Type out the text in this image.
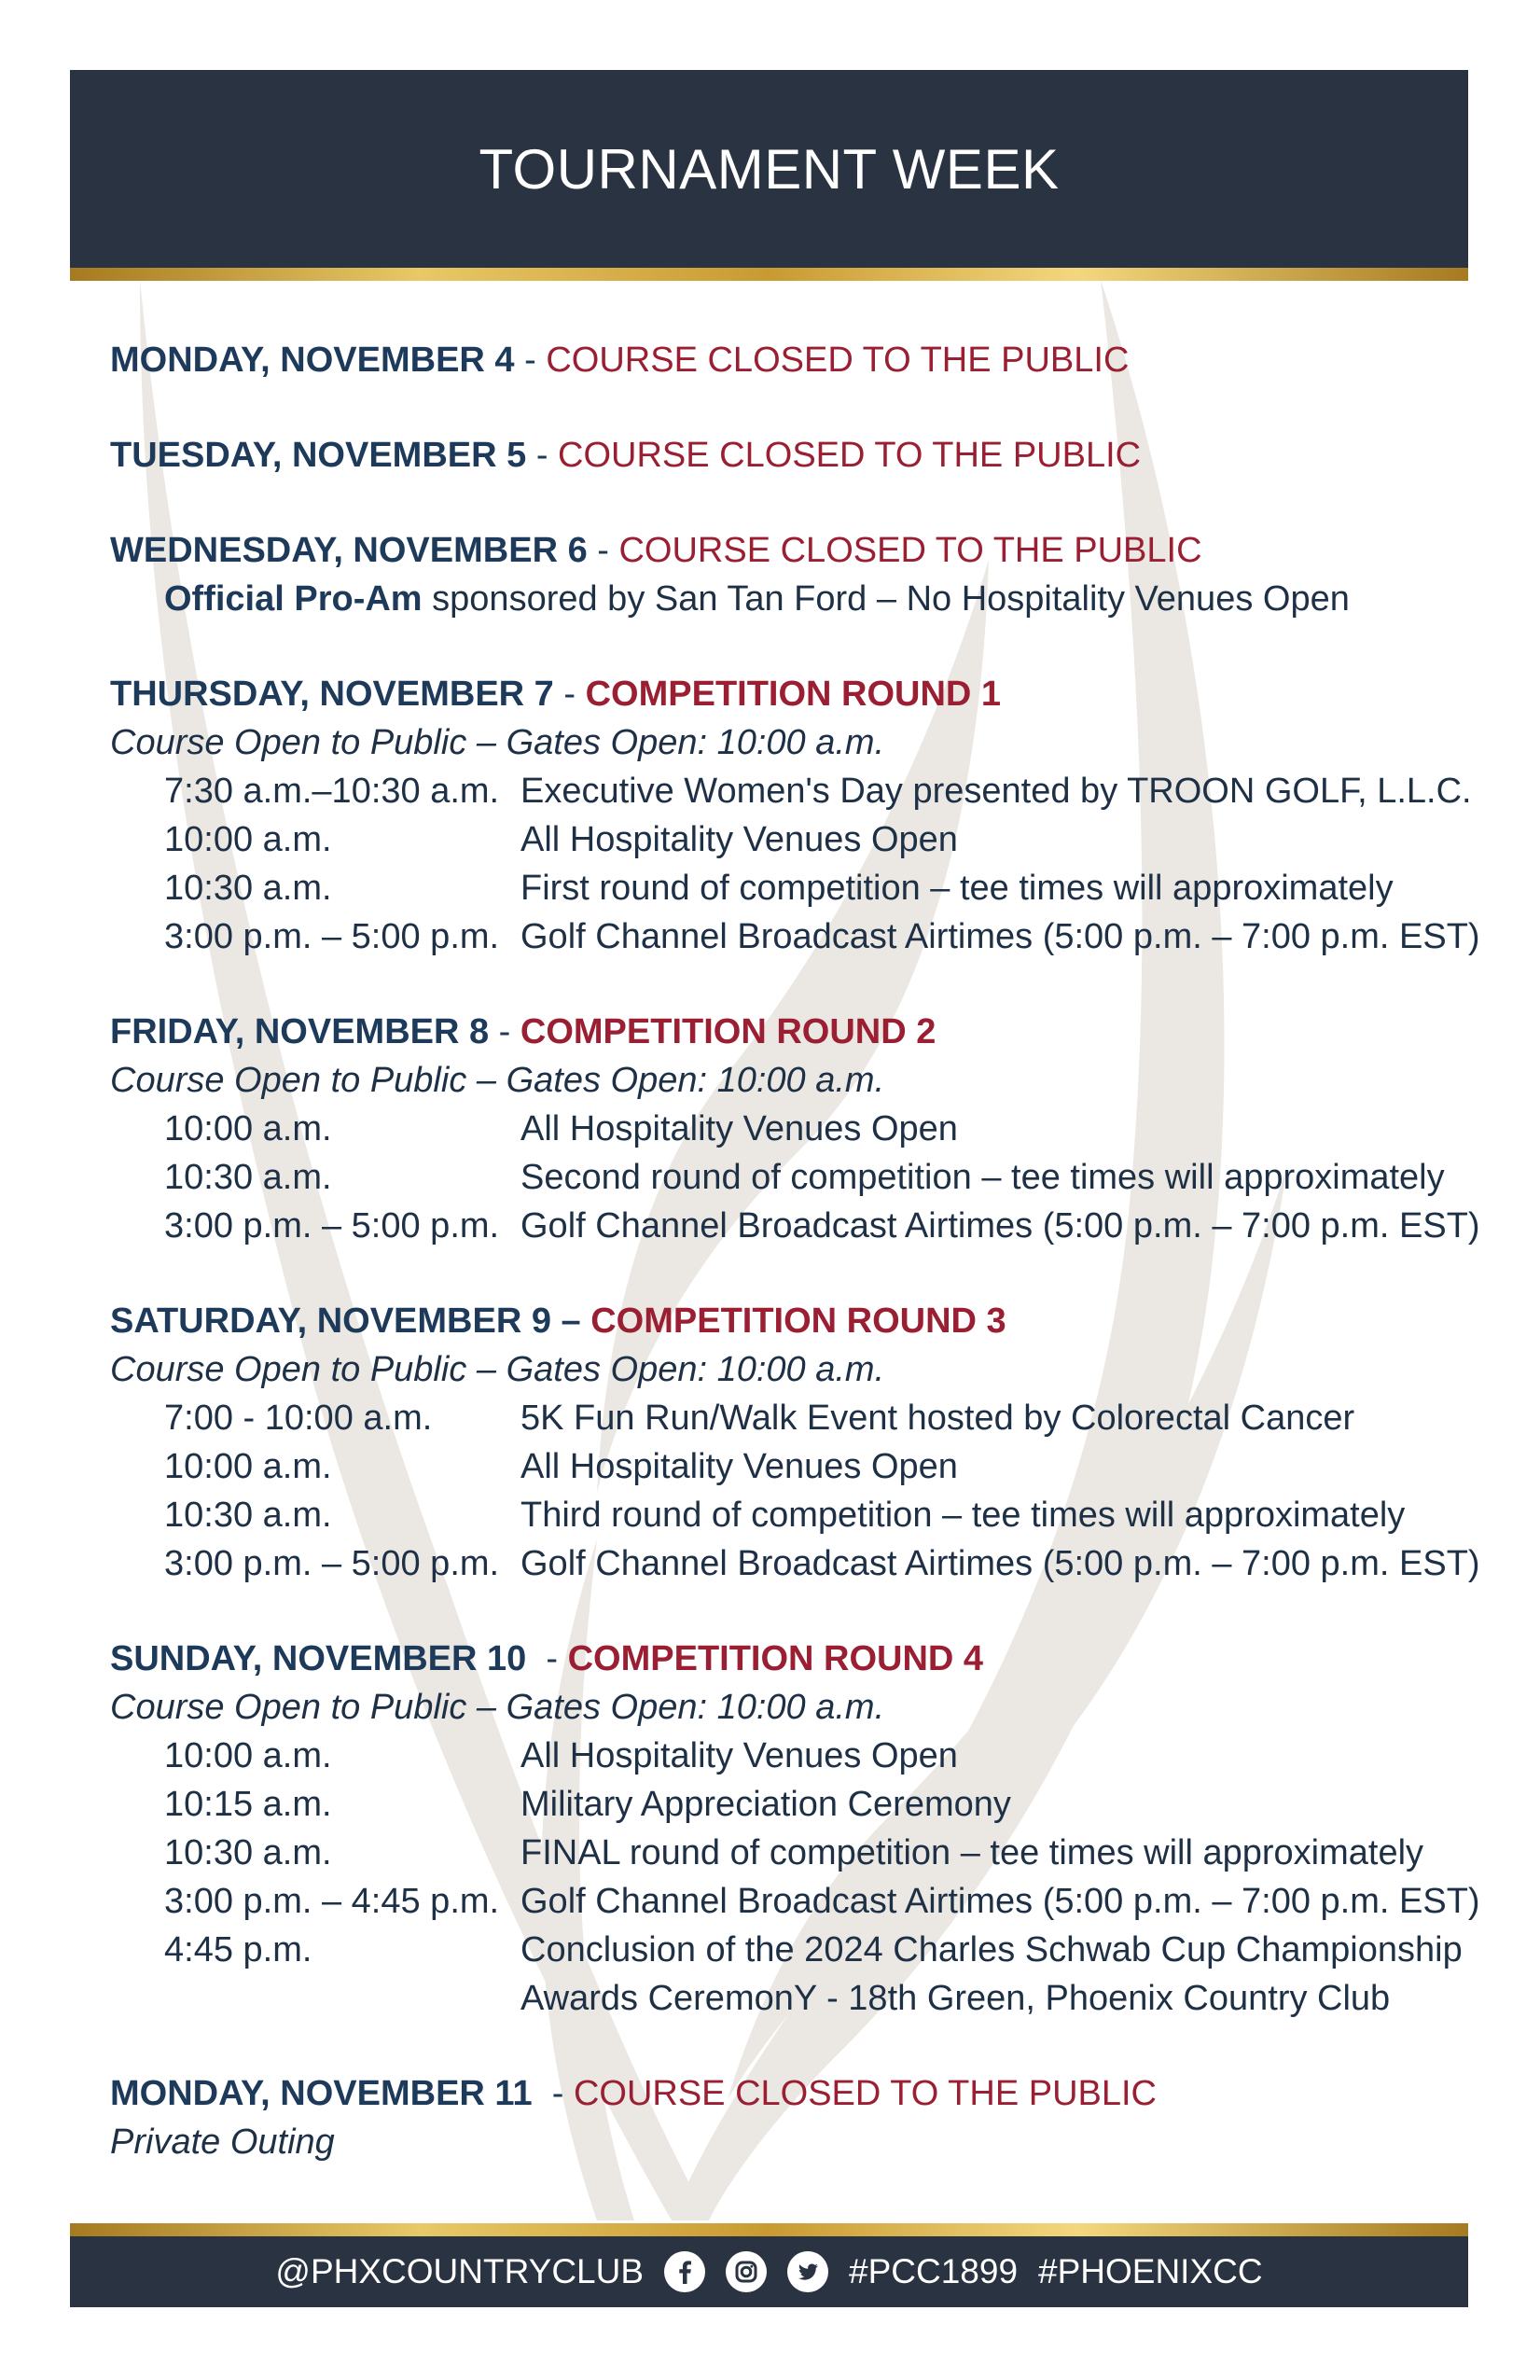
TOURNAMENT WEEK
MONDAY, NOVEMBER 4 - COURSE CLOSED TO THE PUBLIC
TUESDAY, NOVEMBER 5 - COURSE CLOSED TO THE PUBLIC
WEDNESDAY, NOVEMBER 6 - COURSE CLOSED TO THE PUBLIC
Official Pro-Am sponsored by San Tan Ford – No Hospitality Venues Open
THURSDAY, NOVEMBER 7 - COMPETITION ROUND 1
Course Open to Public – Gates Open: 10:00 a.m.
7:30 a.m.–10:30 a.m. Executive Women's Day presented by TROON GOLF, L.L.C.
10:00 a.m.	All Hospitality Venues Open
10:30 a.m.	First round of competition – tee times will approximately
3:00 p.m. – 5:00 p.m. Golf Channel Broadcast Airtimes (5:00 p.m. – 7:00 p.m. EST)
FRIDAY, NOVEMBER 8 - COMPETITION ROUND 2
Course Open to Public – Gates Open: 10:00 a.m.
10:00 a.m.	All Hospitality Venues Open
10:30 a.m.	Second round of competition – tee times will approximately
3:00 p.m. – 5:00 p.m. Golf Channel Broadcast Airtimes (5:00 p.m. – 7:00 p.m. EST)
SATURDAY, NOVEMBER 9 – COMPETITION ROUND 3
Course Open to Public – Gates Open: 10:00 a.m.
7:00 - 10:00 a.m.	5K Fun Run/Walk Event hosted by Colorectal Cancer
10:00 a.m.	All Hospitality Venues Open
10:30 a.m.	Third round of competition – tee times will approximately
3:00 p.m. – 5:00 p.m. Golf Channel Broadcast Airtimes (5:00 p.m. – 7:00 p.m. EST)
SUNDAY, NOVEMBER 10  - COMPETITION ROUND 4
Course Open to Public – Gates Open: 10:00 a.m.
10:00 a.m.	All Hospitality Venues Open
10:15 a.m.	Military Appreciation Ceremony
10:30 a.m.	FINAL round of competition – tee times will approximately
3:00 p.m. – 4:45 p.m. Golf Channel Broadcast Airtimes (5:00 p.m. – 7:00 p.m. EST)
4:45 p.m.	Conclusion of the 2024 Charles Schwab Cup Championship
Awards CeremonY - 18th Green, Phoenix Country Club
MONDAY, NOVEMBER 11  - COURSE CLOSED TO THE PUBLIC
Private Outing
@PHXCOUNTRYCLUB	#PCC1899 #PHOENIXCC
